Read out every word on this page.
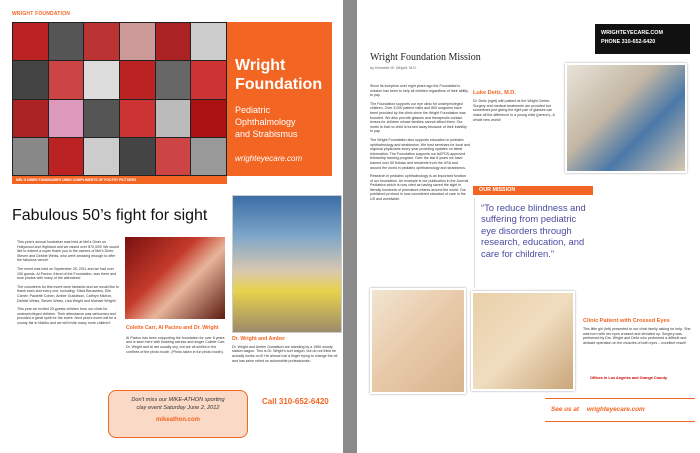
WRIGHT FOUNDATION
Wright
Foundation
Pediatric
Ophthalmology
and Strabismus
wrighteyecare.com
MEL'S DINER FUNDRAISER 1950S COMPLIMENTS OF FOOTRY PICTURES
Fabulous 50’s fight for sight

This year's annual fundraiser was held at Mel's Diner on Hollywood and Highland and we raised over $70,000! We would like to extend a super thank you to the owners of Mel's Diner, Steven and Debbie Weiss, who were amazing enough to offer the fabulous venue!

The event was held on September 25, 2011 and we had over 150 guests. Al Pacino, friend of the Foundation, was there and took photos with many of the attendees!

The volunteers for this event were fantastic and we would like to thank each and every one, including: Silvia Benavides, Elle Camer, Paulette Cohen, Amber Gustafson, Cathryn Michon, Debbie Weiss, Steven Weiss, Lisa Wright and Michael Wright!

This year we invited 20 guests children from our clinic for underprivileged children. Their attendance was welcomed and provided a great spirit for the event. Next year's event will be a county fair in Malibu and we will invite many more children!

Colette Carr, Al Pacino and Dr. Wright
Al Pacino has been supporting the foundation for over 8 years and is seen here with budding actress and singer Colette Carr. Dr. Wright and Al are usually shy, but are all smiles in the confines of the photo booth. (Photo taken in fun photo booth).
Dr. Wright and Amber
Dr. Wright and Amber Gustafson are standing by a 1950 woody station wagon. This is Dr. Wright's surf wagon, but do not think he actually works on it! He almost lost a finger trying to change the oil and has since relied on automobile professionals.
Don't miss our MIKE-ATHON sporting
clay event Saturday June 2, 2012
mikeathon.com
Call 310-652-6420
WRIGHTEYECARE.COM
PHONE 310-652-6420
Wright Foundation Mission
by Kenneth W. Wright, M.D.

Since its inception over eight years ago the Foundation's mission has been to help all children regardless of their ability to pay.

The Foundation supports our eye clinic for underprivileged children. Over 3,000 patient visits and 800 surgeries have been provided by the clinic since the Wright Foundation was founded. We also provide glasses and therapeutic contact lenses for children whose families cannot afford them. Our motto is that no child is turned away because of their inability to pay.

The Wright Foundation also supports education in pediatric ophthalmology and strabismus. We host seminars for local and regional physicians every year providing updates on latest information. The Foundation supports our AAPOS-approved fellowship training program. Over the last 8 years we have trained over 50 fellows and residents from the USA and around the world in pediatric ophthalmology and strabismus.

Research in pediatric ophthalmology is an important function of our foundation. An example is our publication in the Journal Pediatrics which is now cited as having saved the sight in literally hundreds of premature infants around the world. Our published protocol is now considered standard of care in the US and worldwide.

Luke Deitz, M.D.
Dr. Deitz (right) with patient at the Wright Center. Surgery and medical treatments are provided but sometimes just giving the right pair of glasses can make all the difference to a young child (person)– A whole new world!
OUR MISSION
“To reduce blindness and suffering from pediatric eye disorders through research, education, and care for children.”
Clinic Patient with Crossed Eyes
This little girl (left) presented to our clinic family asking for help. She was born with her eyes crossed and deviated up. Surgery was performed by Drs. Wright and Deitz who performed a difficult and delicate operation on the muscles of both eyes – excellent result!
Offices in Los Angeles and Orange County
See us at wrighteyecare.com
